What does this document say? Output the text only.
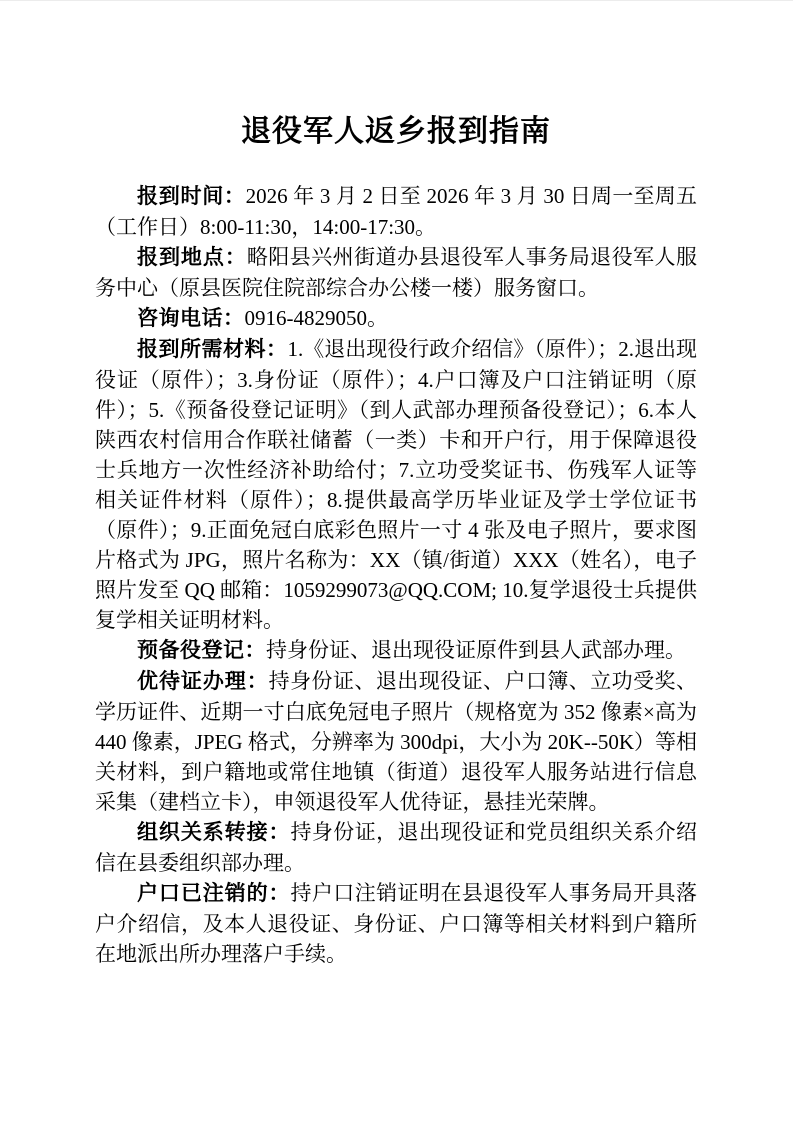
退役军人返乡报到指南

报到时间：2026 年 3 月 2 日至 2026 年 3 月 30 日周一至周五（工作日）8:00-11:30，14:00-17:30。

报到地点：略阳县兴州街道办县退役军人事务局退役军人服务中心（原县医院住院部综合办公楼一楼）服务窗口。

咨询电话：0916-4829050。

报到所需材料：1.《退出现役行政介绍信》（原件）；2.退出现役证（原件）；3.身份证（原件）；4.户口簿及户口注销证明（原件）；5.《预备役登记证明》（到人武部办理预备役登记）；6.本人陕西农村信用合作联社储蓄（一类）卡和开户行，用于保障退役士兵地方一次性经济补助给付；7.立功受奖证书、伤残军人证等相关证件材料（原件）；8.提供最高学历毕业证及学士学位证书（原件）；9.正面免冠白底彩色照片一寸 4 张及电子照片，要求图片格式为 JPG，照片名称为：XX（镇/街道）XXX（姓名），电子照片发至 QQ 邮箱：1059299073@QQ.COM; 10.复学退役士兵提供复学相关证明材料。

预备役登记：持身份证、退出现役证原件到县人武部办理。

优待证办理：持身份证、退出现役证、户口簿、立功受奖、学历证件、近期一寸白底免冠电子照片（规格宽为 352 像素×高为 440 像素，JPEG 格式，分辨率为 300dpi，大小为 20K--50K）等相关材料，到户籍地或常住地镇（街道）退役军人服务站进行信息采集（建档立卡），申领退役军人优待证，悬挂光荣牌。

组织关系转接：持身份证，退出现役证和党员组织关系介绍信在县委组织部办理。

户口已注销的：持户口注销证明在县退役军人事务局开具落户介绍信，及本人退役证、身份证、户口簿等相关材料到户籍所在地派出所办理落户手续。
